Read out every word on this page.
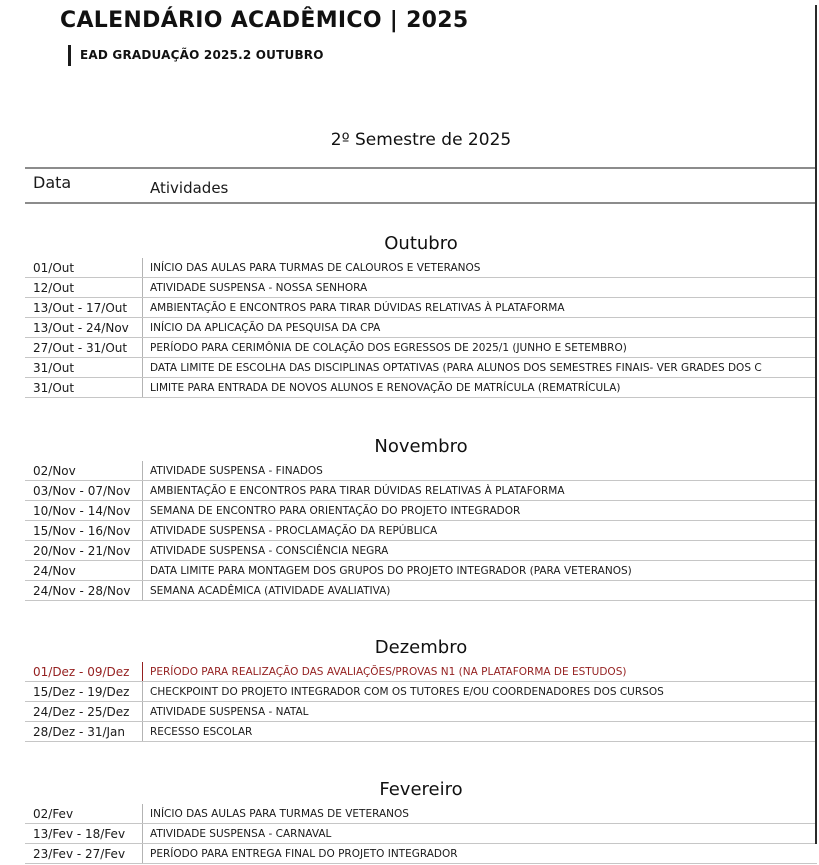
CALENDÁRIO ACADÊMICO | 2025
EAD GRADUAÇÃO 2025.2 OUTUBRO
2º Semestre de 2025
Data	Atividades
Outubro
01/Out	INÍCIO DAS AULAS PARA TURMAS DE CALOUROS E VETERANOS
12/Out	ATIVIDADE SUSPENSA - NOSSA SENHORA
13/Out - 17/Out	AMBIENTAÇÃO E ENCONTROS PARA TIRAR DÚVIDAS RELATIVAS À PLATAFORMA
13/Out - 24/Nov	INÍCIO DA APLICAÇÃO DA PESQUISA DA CPA
27/Out - 31/Out	PERÍODO PARA CERIMÔNIA DE COLAÇÃO DOS EGRESSOS DE 2025/1 (JUNHO E SETEMBRO)
31/Out	DATA LIMITE DE ESCOLHA DAS DISCIPLINAS OPTATIVAS (PARA ALUNOS DOS SEMESTRES FINAIS- VER GRADES DOS C
31/Out	LIMITE PARA ENTRADA DE NOVOS ALUNOS E RENOVAÇÃO DE MATRÍCULA (REMATRÍCULA)
Novembro
02/Nov	ATIVIDADE SUSPENSA - FINADOS
03/Nov - 07/Nov	AMBIENTAÇÃO E ENCONTROS PARA TIRAR DÚVIDAS RELATIVAS À PLATAFORMA
10/Nov - 14/Nov	SEMANA DE ENCONTRO PARA ORIENTAÇÃO DO PROJETO INTEGRADOR
15/Nov - 16/Nov	ATIVIDADE SUSPENSA - PROCLAMAÇÃO DA REPÚBLICA
20/Nov - 21/Nov	ATIVIDADE SUSPENSA - CONSCIÊNCIA NEGRA
24/Nov	DATA LIMITE PARA MONTAGEM DOS GRUPOS DO PROJETO INTEGRADOR (PARA VETERANOS)
24/Nov - 28/Nov	SEMANA ACADÊMICA (ATIVIDADE AVALIATIVA)
Dezembro
01/Dez - 09/Dez	PERÍODO PARA REALIZAÇÃO DAS AVALIAÇÕES/PROVAS N1 (NA PLATAFORMA DE ESTUDOS)
15/Dez - 19/Dez	CHECKPOINT DO PROJETO INTEGRADOR COM OS TUTORES E/OU COORDENADORES DOS CURSOS
24/Dez - 25/Dez	ATIVIDADE SUSPENSA - NATAL
28/Dez - 31/Jan	RECESSO ESCOLAR
Fevereiro
02/Fev	INÍCIO DAS AULAS PARA TURMAS DE VETERANOS
13/Fev - 18/Fev	ATIVIDADE SUSPENSA - CARNAVAL
23/Fev - 27/Fev	PERÍODO PARA ENTREGA FINAL DO PROJETO INTEGRADOR
